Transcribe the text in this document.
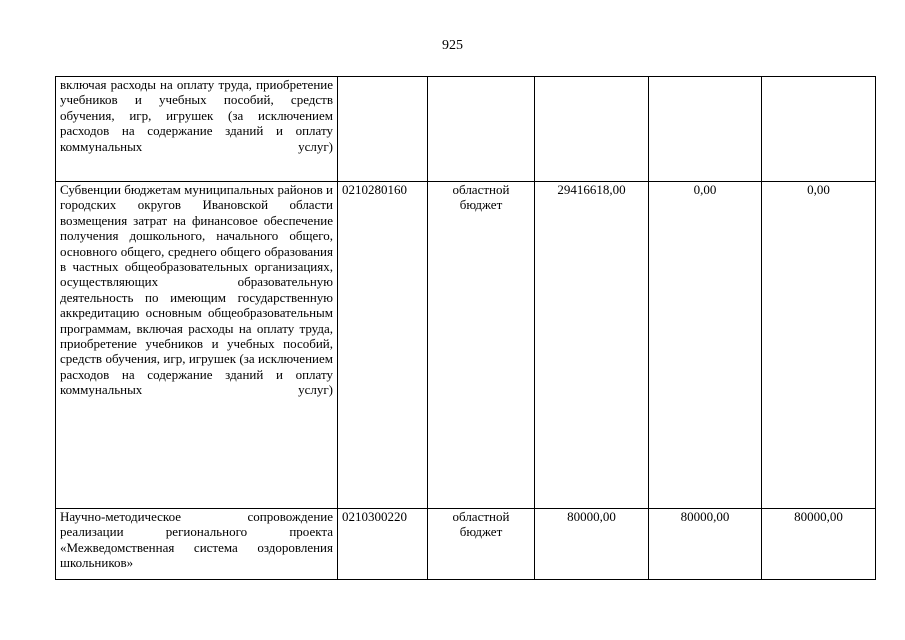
925
включая расходы на оплату труда, приобретение учебников и учебных пособий, средств обучения, игр, игрушек (за исключением расходов на содержание зданий и оплату коммунальных услуг)					
Субвенции бюджетам муниципальных районов и городских округов Ивановской области возмещения затрат на финансовое обеспечение получения дошкольного, начального общего, основного общего, среднего общего образования в частных общеобразовательных организациях, осуществляющих образовательную деятельность по имеющим государственную аккредитацию основным общеобразовательным программам, включая расходы на оплату труда, приобретение учебников и учебных пособий, средств обучения, игр, игрушек (за исключением расходов на содержание зданий и оплату коммунальных услуг)	0210280160	областной бюджет	29416618,00	0,00	0,00
Научно-методическое сопровождение реализации регионального проекта «Межведомственная система оздоровления школьников»	0210300220	областной бюджет	80000,00	80000,00	80000,00
